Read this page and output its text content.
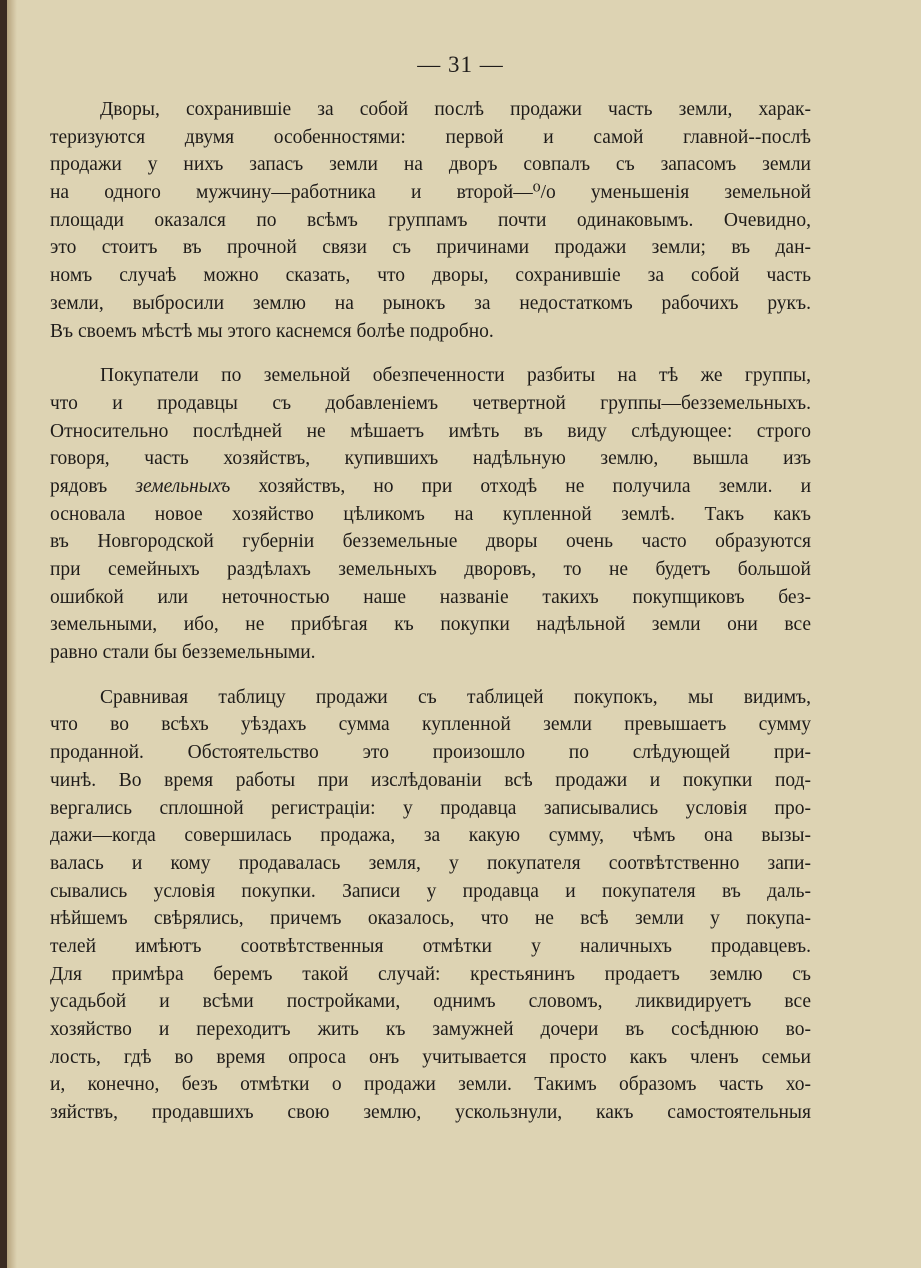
— 31 —

Дворы, сохранившіе за собой послѣ продажи часть земли, харак-
теризуются двумя особенностями: первой и самой главной--послѣ
продажи у нихъ запасъ земли на дворъ совпалъ съ запасомъ земли
на одного мужчину—работника и второй—⁰/о уменьшенія земельной
площади оказался по всѣмъ группамъ почти одинаковымъ. Очевидно,
это стоитъ въ прочной связи съ причинами продажи земли; въ дан-
номъ случаѣ можно сказать, что дворы, сохранившіе за собой часть
земли, выбросили землю на рынокъ за недостаткомъ рабочихъ рукъ.
Въ своемъ мѣстѣ мы этого каснемся болѣе подробно.

Покупатели по земельной обезпеченности разбиты на тѣ же группы,
что и продавцы съ добавленіемъ четвертной группы—безземельныхъ.
Относительно послѣдней не мѣшаетъ имѣть въ виду слѣдующее: строго
говоря, часть хозяйствъ, купившихъ надѣльную землю, вышла изъ
рядовъ земельныхъ хозяйствъ, но при отходѣ не получила земли. и
основала новое хозяйство цѣликомъ на купленной землѣ. Такъ какъ
въ Новгородской губерніи безземельные дворы очень часто образуются
при семейныхъ раздѣлахъ земельныхъ дворовъ, то не будетъ большой
ошибкой или неточностью наше названіе такихъ покупщиковъ без-
земельными, ибо, не прибѣгая къ покупки надѣльной земли они все
равно стали бы безземельными.

Сравнивая таблицу продажи съ таблицей покупокъ, мы видимъ,
что во всѣхъ уѣздахъ сумма купленной земли превышаетъ сумму
проданной. Обстоятельство это произошло по слѣдующей при-
чинѣ. Во время работы при изслѣдованіи всѣ продажи и покупки под-
вергались сплошной регистраціи: у продавца записывались условія про-
дажи—когда совершилась продажа, за какую сумму, чѣмъ она вызы-
валась и кому продавалась земля, у покупателя соотвѣтственно запи-
сывались условія покупки. Записи у продавца и покупателя въ даль-
нѣйшемъ свѣрялись, причемъ оказалось, что не всѣ земли у покупа-
телей имѣютъ соотвѣтственныя отмѣтки у наличныхъ продавцевъ.
Для примѣра беремъ такой случай: крестьянинъ продаетъ землю съ
усадьбой и всѣми постройками, однимъ словомъ, ликвидируетъ все
хозяйство и переходитъ жить къ замужней дочери въ сосѣднюю во-
лость, гдѣ во время опроса онъ учитывается просто какъ членъ семьи
и, конечно, безъ отмѣтки о продажи земли. Такимъ образомъ часть хо-
зяйствъ, продавшихъ свою землю, ускользнули, какъ самостоятельныя
